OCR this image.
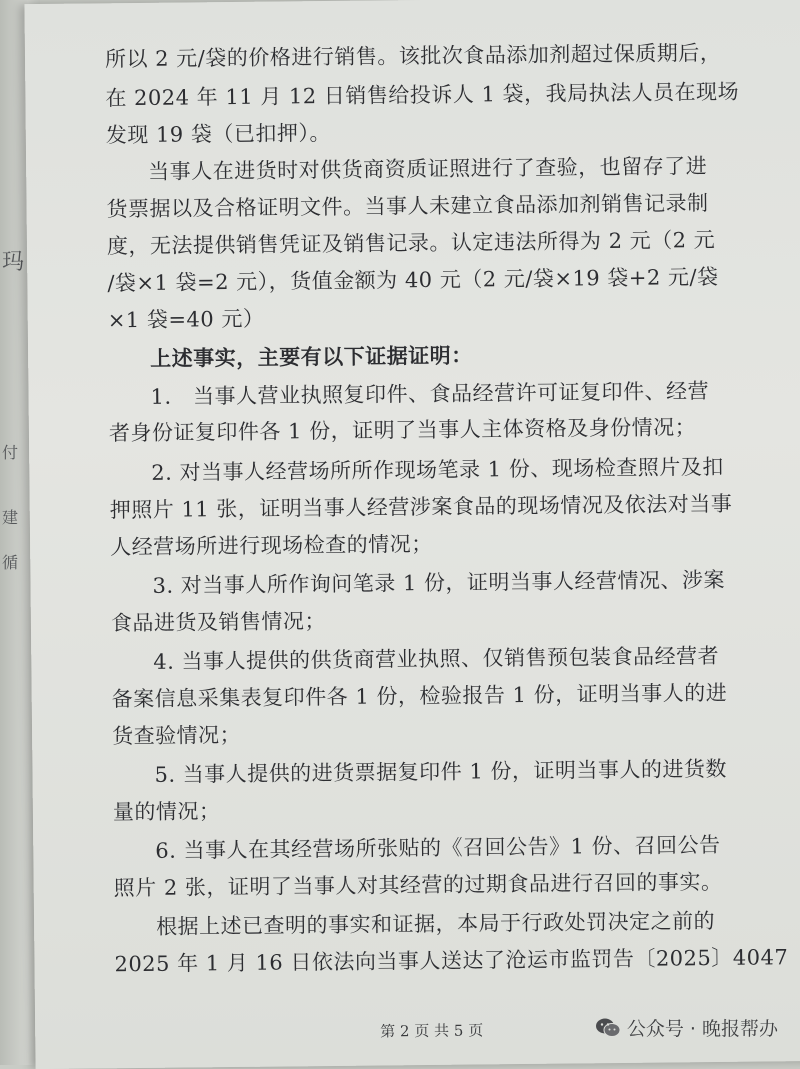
玛
付
建
循
所以 2 元/袋的价格进行销售。该批次食品添加剂超过保质期后，
在 2024 年 11 月 12 日销售给投诉人 1 袋，我局执法人员在现场
发现 19 袋（已扣押）。
当事人在进货时对供货商资质证照进行了查验，也留存了进
货票据以及合格证明文件。当事人未建立食品添加剂销售记录制
度，无法提供销售凭证及销售记录。认定违法所得为 2 元（2 元
/袋×1 袋=2 元），货值金额为 40 元（2 元/袋×19 袋+2 元/袋
×1 袋=40 元）
上述事实，主要有以下证据证明：
1.　当事人营业执照复印件、食品经营许可证复印件、经营
者身份证复印件各 1 份，证明了当事人主体资格及身份情况；
2. 对当事人经营场所所作现场笔录 1 份、现场检查照片及扣
押照片 11 张，证明当事人经营涉案食品的现场情况及依法对当事
人经营场所进行现场检查的情况；
3. 对当事人所作询问笔录 1 份，证明当事人经营情况、涉案
食品进货及销售情况；
4. 当事人提供的供货商营业执照、仅销售预包装食品经营者
备案信息采集表复印件各 1 份，检验报告 1 份，证明当事人的进
货查验情况；
5. 当事人提供的进货票据复印件 1 份，证明当事人的进货数
量的情况；
6. 当事人在其经营场所张贴的《召回公告》1 份、召回公告
照片 2 张，证明了当事人对其经营的过期食品进行召回的事实。
根据上述已查明的事实和证据，本局于行政处罚决定之前的
2025 年 1 月 16 日依法向当事人送达了沧运市监罚告〔2025〕4047
第 2 页 共 5 页	公众号 · 晚报帮办
